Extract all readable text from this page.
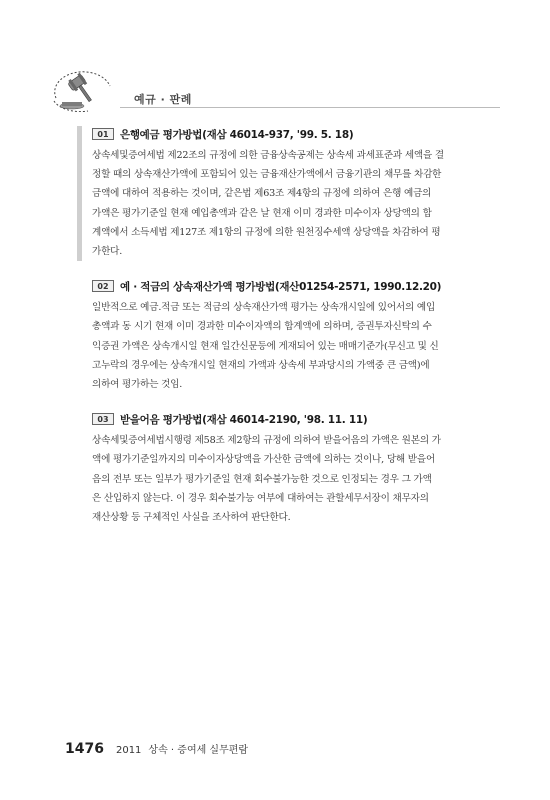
예규 · 판례
01	은행예금 평가방법(재삼 46014-937, '99. 5. 18)
상속세및증여세법 제22조의 규정에 의한 금융상속공제는 상속세 과세표준과 세액을 결
정할 때의 상속재산가액에 포함되어 있는 금융재산가액에서 금융기관의 채무를 차감한
금액에 대하여 적용하는 것이며, 같은법 제63조 제4항의 규정에 의하여 은행 예금의
가액은 평가기준일 현재 예입총액과 같은 날 현재 이미 경과한 미수이자 상당액의 합
계액에서 소득세법 제127조 제1항의 규정에 의한 원천징수세액 상당액을 차감하여 평
가한다.
02	예 · 적금의 상속재산가액 평가방법(재산01254-2571, 1990.12.20)
일반적으로 예금.적금 또는 적금의 상속재산가액 평가는 상속개시일에 있어서의 예입
총액과 동 시기 현재 이미 경과한 미수이자액의 합계액에 의하며, 증권투자신탁의 수
익증권 가액은 상속개시일 현재 일간신문등에 게재되어 있는 매매기준가(무신고 및 신
고누락의 경우에는 상속개시일 현재의 가액과 상속세 부과당시의 가액중 큰 금액)에
의하여 평가하는 것임.
03	받을어음 평가방법(재삼 46014-2190, '98. 11. 11)
상속세및증여세법시행령 제58조 제2항의 규정에 의하여 받을어음의 가액은 원본의 가
액에 평가기준일까지의 미수이자상당액을 가산한 금액에 의하는 것이나, 당해 받을어
음의 전부 또는 일부가 평가기준일 현재 회수불가능한 것으로 인정되는 경우 그 가액
은 산입하지 않는다. 이 경우 회수불가능 여부에 대하여는 관할세무서장이 채무자의
재산상황 등 구체적인 사실을 조사하여 판단한다.
1476 2011 상속 · 증여세 실무편람
